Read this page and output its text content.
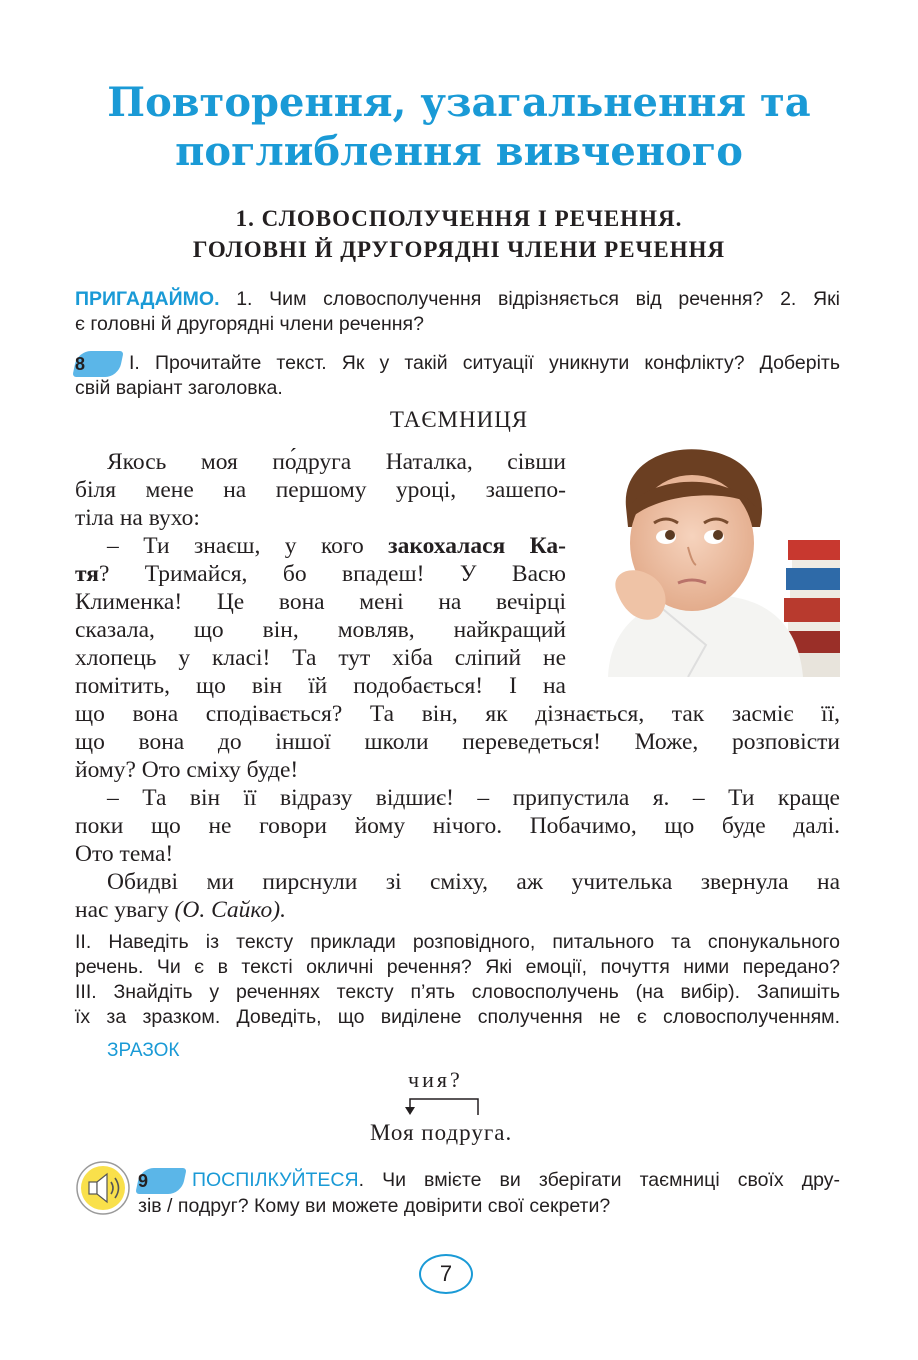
Повторення, узагальнення та
поглиблення вивченого
1. СЛОВОСПОЛУЧЕННЯ І РЕЧЕННЯ.
ГОЛОВНІ Й ДРУГОРЯДНІ ЧЛЕНИ РЕЧЕННЯ
ПРИГАДАЙМО. 1. Чим словосполучення відрізняється від речення? 2. Які
є головні й другорядні члени речення?
8 І. Прочитайте текст. Як у такій ситуації уникнути конфлікту? Доберіть
свій варіант заголовка.
ТАЄМНИЦЯ
Якось моя по́друга Наталка, сівши
біля мене на першому уроці, зашепо-
тіла на вухо:
– Ти знаєш, у кого закохалася Ка-
тя? Тримайся, бо впадеш! У Васю
Клименка! Це вона мені на вечірці
сказала, що він, мовляв, найкращий
хлопець у класі! Та тут хіба сліпий не
помітить, що він їй подобається! І на
що вона сподівається? Та він, як дізнається, так засміє її,
що вона до іншої школи переведеться! Може, розповісти
йому? Ото сміху буде!
– Та він її відразу відшиє! – припустила я. – Ти краще
поки що не говори йому нічого. Побачимо, що буде далі.
Ото тема!
Обидві ми пирснули зі сміху, аж учителька звернула на
нас увагу (О. Сайко).
ІІ. Наведіть із тексту приклади розповідного, питального та спонукального
речень. Чи є в тексті окличні речення? Які емоції, почуття ними передано?
ІІІ. Знайдіть у реченнях тексту п’ять словосполучень (на вибір). Запишіть
їх за зразком. Доведіть, що виділене сполучення не є словосполученням.
ЗРАЗОК
чия?
Моя подруга.
9 ПОСПІЛКУЙТЕСЯ. Чи вмієте ви зберігати таємниці своїх дру-
зів / подруг? Кому ви можете довірити свої секрети?
7
